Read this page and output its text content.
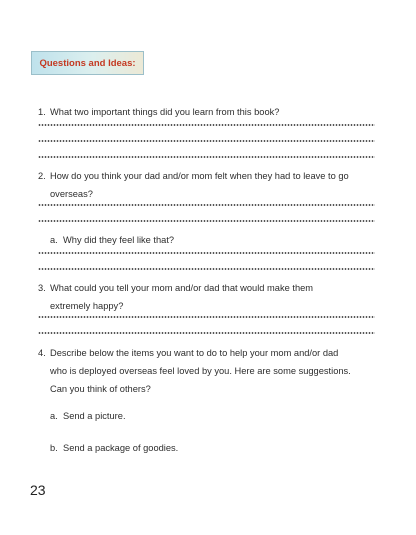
Questions and Ideas:
1. What two important things did you learn from this book?
2. How do you think your dad and/or mom felt when they had to leave to go
overseas?
a. Why did they feel like that?
3. What could you tell your mom and/or dad that would make them
extremely happy?
4. Describe below the items you want to do to help your mom and/or dad
who is deployed overseas feel loved by you. Here are some suggestions.
Can you think of others?
a. Send a picture.
b. Send a package of goodies.
23
